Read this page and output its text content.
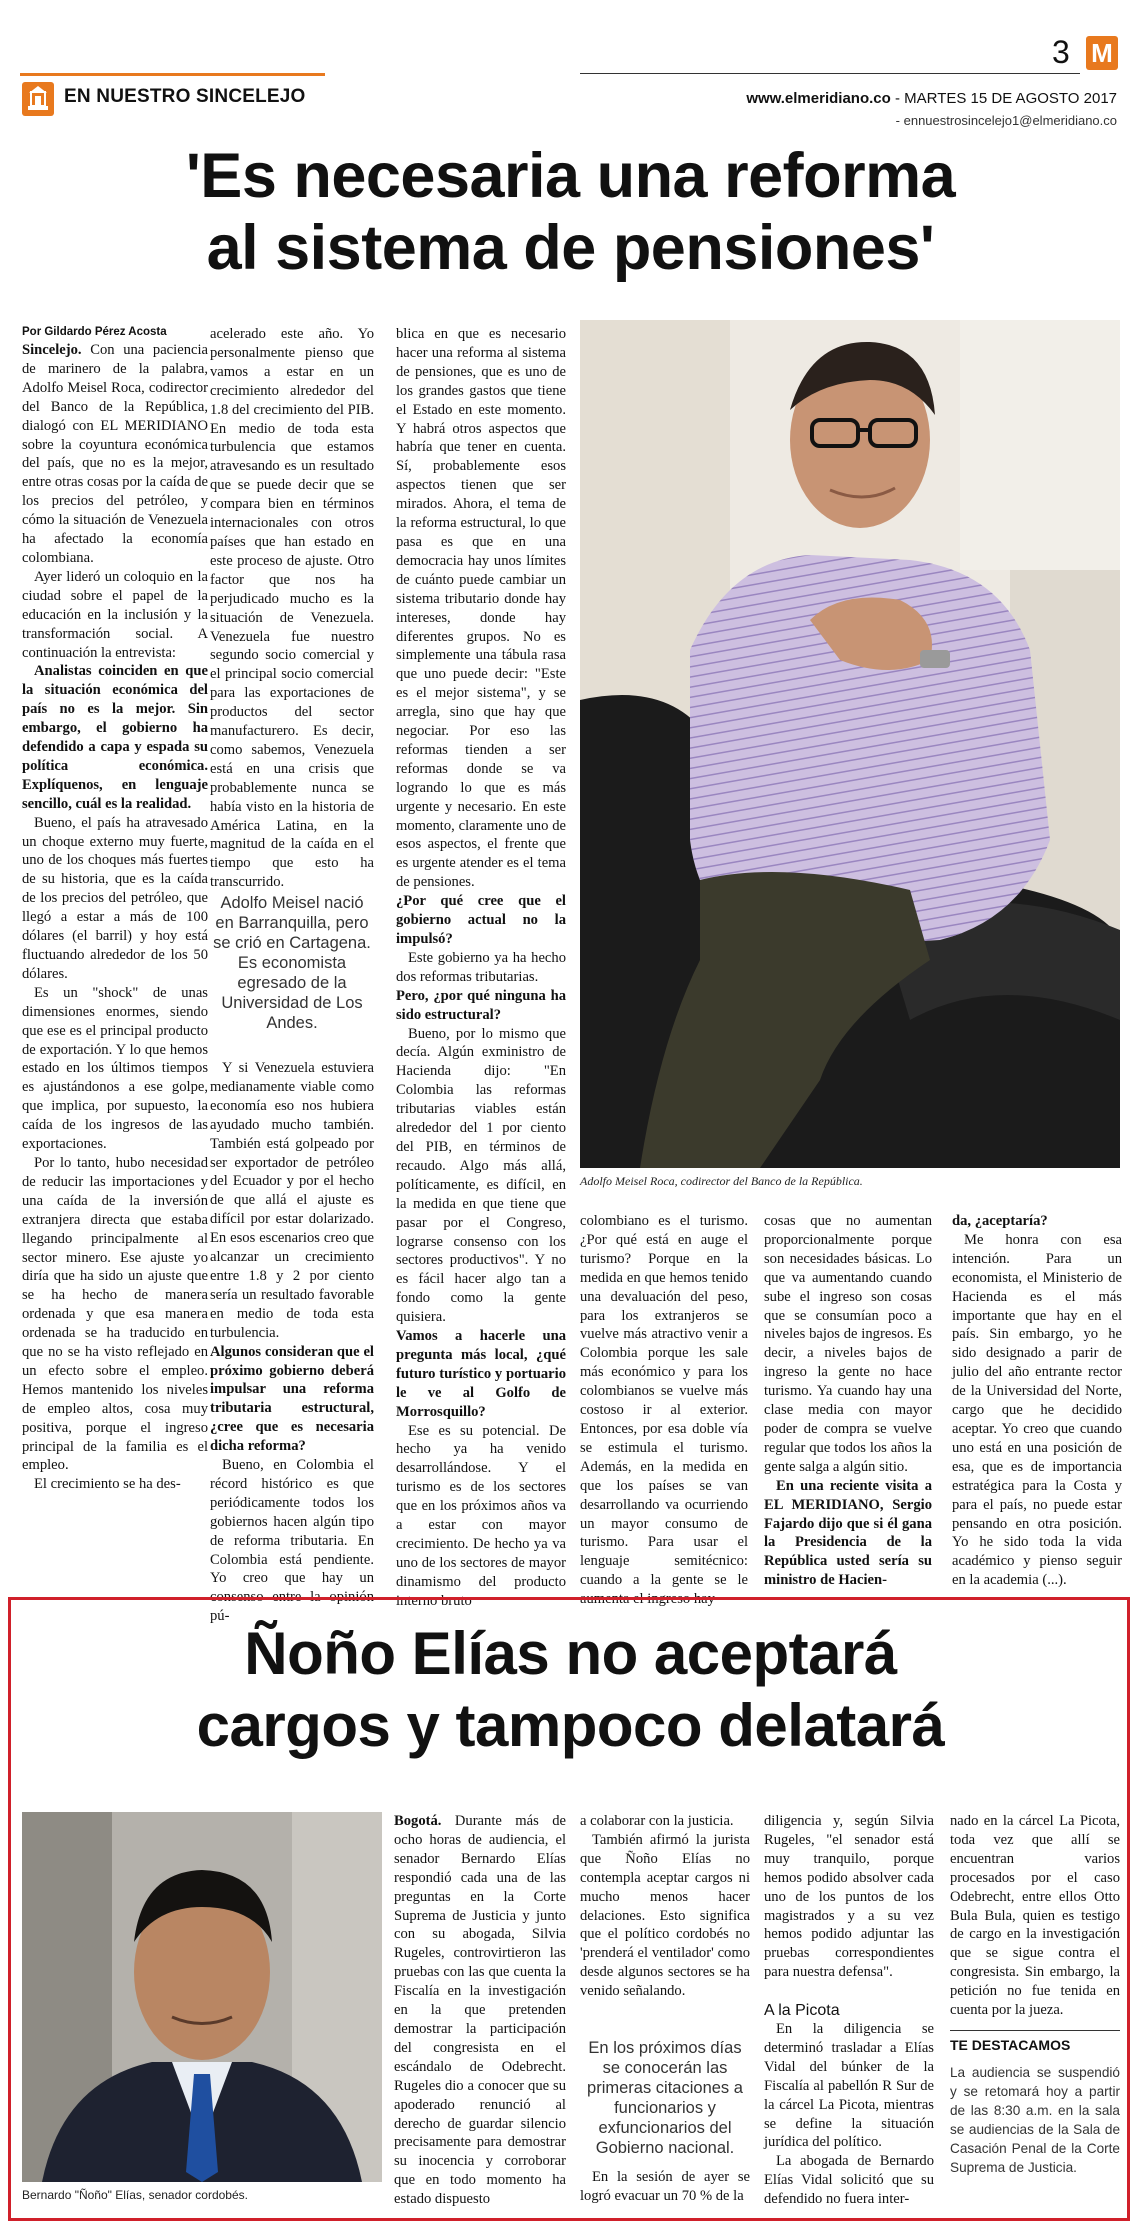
EN NUESTRO SINCELEJO
3 M
www.elmeridiano.co - MARTES 15 DE AGOSTO 2017
- ennuestrosincelejo1@elmeridiano.co
'Es necesaria una reforma
al sistema de pensiones'
Por Gildardo Pérez Acosta

Sincelejo. Con una paciencia de marinero de la palabra, Adolfo Meisel Roca, codirector del Banco de la República, dialogó con EL MERIDIANO sobre la coyuntura económica del país, que no es la mejor, entre otras cosas por la caída de los precios del petróleo, y cómo la situación de Venezuela ha afectado la economía colombiana.

Ayer lideró un coloquio en la ciudad sobre el papel de la educación en la inclusión y la transformación social. A continuación la entrevista:

Analistas coinciden en que la situación económica del país no es la mejor. Sin embargo, el gobierno ha defendido a capa y espada su política económica. Explíquenos, en lenguaje sencillo, cuál es la realidad.

Bueno, el país ha atravesado un choque externo muy fuerte, uno de los choques más fuertes de su historia, que es la caída de los precios del petróleo, que llegó a estar a más de 100 dólares (el barril) y hoy está fluctuando alrededor de los 50 dólares.

Es un "shock" de unas dimensiones enormes, siendo que ese es el principal producto de exportación. Y lo que hemos estado en los últimos tiempos es ajustándonos a ese golpe, que implica, por supuesto, la caída de los ingresos de las exportaciones.

Por lo tanto, hubo necesidad de reducir las importaciones y una caída de la inversión extranjera directa que estaba llegando principalmente al sector minero. Ese ajuste yo diría que ha sido un ajuste que se ha hecho de manera ordenada y que esa manera ordenada se ha traducido en que no se ha visto reflejado en un efecto sobre el empleo. Hemos mantenido los niveles de empleo altos, cosa muy positiva, porque el ingreso principal de la familia es el empleo.

El crecimiento se ha des-

acelerado este año. Yo personalmente pienso que vamos a estar en un crecimiento alrededor del 1.8 del crecimiento del PIB. En medio de toda esta turbulencia que estamos atravesando es un resultado que se puede decir que se compara bien en términos internacionales con otros países que han estado en este proceso de ajuste. Otro factor que nos ha perjudicado mucho es la situación de Venezuela. Venezuela fue nuestro segundo socio comercial y el principal socio comercial para las exportaciones de productos del sector manufacturero. Es decir, como sabemos, Venezuela está en una crisis que probablemente nunca se había visto en la historia de América Latina, en la magnitud de la caída en el tiempo que esto ha transcurrido.

Adolfo Meisel nació en Barranquilla, pero se crió en Cartagena. Es economista egresado de la Universidad de Los Andes.

Y si Venezuela estuviera medianamente viable como economía eso nos hubiera ayudado mucho también. También está golpeado por ser exportador de petróleo del Ecuador y por el hecho de que allá el ajuste es difícil por estar dolarizado. En esos escenarios creo que alcanzar un crecimiento entre 1.8 y 2 por ciento sería un resultado favorable en medio de toda esta turbulencia.

Algunos consideran que el próximo gobierno deberá impulsar una reforma tributaria estructural, ¿cree que es necesaria dicha reforma?

Bueno, en Colombia el récord histórico es que periódicamente todos los gobiernos hacen algún tipo de reforma tributaria. En Colombia está pendiente. Yo creo que hay un consenso entre la opinión pú-

blica en que es necesario hacer una reforma al sistema de pensiones, que es uno de los grandes gastos que tiene el Estado en este momento. Y habrá otros aspectos que habría que tener en cuenta. Sí, probablemente esos aspectos tienen que ser mirados. Ahora, el tema de la reforma estructural, lo que pasa es que en una democracia hay unos límites de cuánto puede cambiar un sistema tributario donde hay intereses, donde hay diferentes grupos. No es simplemente una tábula rasa que uno puede decir: "Este es el mejor sistema", y se arregla, sino que hay que negociar. Por eso las reformas tienden a ser reformas donde se va logrando lo que es más urgente y necesario. En este momento, claramente uno de esos aspectos, el frente que es urgente atender es el tema de pensiones.

¿Por qué cree que el gobierno actual no la impulsó?

Este gobierno ya ha hecho dos reformas tributarias.

Pero, ¿por qué ninguna ha sido estructural?

Bueno, por lo mismo que decía. Algún exministro de Hacienda dijo: "En Colombia las reformas tributarias viables están alrededor del 1 por ciento del PIB, en términos de recaudo. Algo más allá, políticamente, es difícil, en la medida en que tiene que pasar por el Congreso, lograrse consenso con los sectores productivos". Y no es fácil hacer algo tan a fondo como la gente quisiera.

Vamos a hacerle una pregunta más local, ¿qué futuro turístico y portuario le ve al Golfo de Morrosquillo?

Ese es su potencial. De hecho ya ha venido desarrollándose. Y el turismo es de los sectores que en los próximos años va a estar con mayor crecimiento. De hecho ya va uno de los sectores de mayor dinamismo del producto interno bruto

Adolfo Meisel Roca, codirector del Banco de la República.

colombiano es el turismo. ¿Por qué está en auge el turismo? Porque en la medida en que hemos tenido una devaluación del peso, para los extranjeros se vuelve más atractivo venir a Colombia porque les sale más económico y para los colombianos se vuelve más costoso ir al exterior. Entonces, por esa doble vía se estimula el turismo. Además, en la medida en que los países se van desarrollando va ocurriendo un mayor consumo de turismo. Para usar el lenguaje semitécnico: cuando a la gente se le aumenta el ingreso hay

cosas que no aumentan proporcionalmente porque son necesidades básicas. Lo que va aumentando cuando sube el ingreso son cosas que se consumían poco a niveles bajos de ingresos. Es decir, a niveles bajos de ingreso la gente no hace turismo. Ya cuando hay una clase media con mayor poder de compra se vuelve regular que todos los años la gente salga a algún sitio.

En una reciente visita a EL MERIDIANO, Sergio Fajardo dijo que si él gana la Presidencia de la República usted sería su ministro de Hacien-

da, ¿aceptaría?

Me honra con esa intención. Para un economista, el Ministerio de Hacienda es el más importante que hay en el país. Sin embargo, yo he sido designado a parir de julio del año entrante rector de la Universidad del Norte, cargo que he decidido aceptar. Yo creo que cuando uno está en una posición de esa, que es de importancia estratégica para la Costa y para el país, no puede estar pensando en otra posición. Yo he sido toda la vida académico y pienso seguir en la academia (...).

Ñoño Elías no aceptará
cargos y tampoco delatará
Bernardo "Ñoño" Elías, senador cordobés.

Bogotá. Durante más de ocho horas de audiencia, el senador Bernardo Elías respondió cada una de las preguntas en la Corte Suprema de Justicia y junto con su abogada, Silvia Rugeles, controvirtieron las pruebas con las que cuenta la Fiscalía en la investigación en la que pretenden demostrar la participación del congresista en el escándalo de Odebrecht. Rugeles dio a conocer que su apoderado renunció al derecho de guardar silencio precisamente para demostrar su inocencia y corroborar que en todo momento ha estado dispuesto

a colaborar con la justicia.

También afirmó la jurista que Ñoño Elías no contempla aceptar cargos ni mucho menos hacer delaciones. Esto significa que el político cordobés no 'prenderá el ventilador' como desde algunos sectores se ha venido señalando.

En los próximos días se conocerán las primeras citaciones a funcionarios y exfuncionarios del Gobierno nacional.

En la sesión de ayer se logró evacuar un 70 % de la

diligencia y, según Silvia Rugeles, "el senador está muy tranquilo, porque hemos podido absolver cada uno de los puntos de los magistrados y a su vez hemos podido adjuntar las pruebas correspondientes para nuestra defensa".

A la Picota

En la diligencia se determinó trasladar a Elías Vidal del búnker de la Fiscalía al pabellón R Sur de la cárcel La Picota, mientras se define la situación jurídica del político.

La abogada de Bernardo Elías Vidal solicitó que su defendido no fuera inter-

nado en la cárcel La Picota, toda vez que allí se encuentran varios procesados por el caso Odebrecht, entre ellos Otto Bula Bula, quien es testigo de cargo en la investigación que se sigue contra el congresista. Sin embargo, la petición no fue tenida en cuenta por la jueza.

TE DESTACAMOS
La audiencia se suspendió y se retomará hoy a partir de las 8:30 a.m. en la sala se audiencias de la Sala de Casación Penal de la Corte Suprema de Justicia.
